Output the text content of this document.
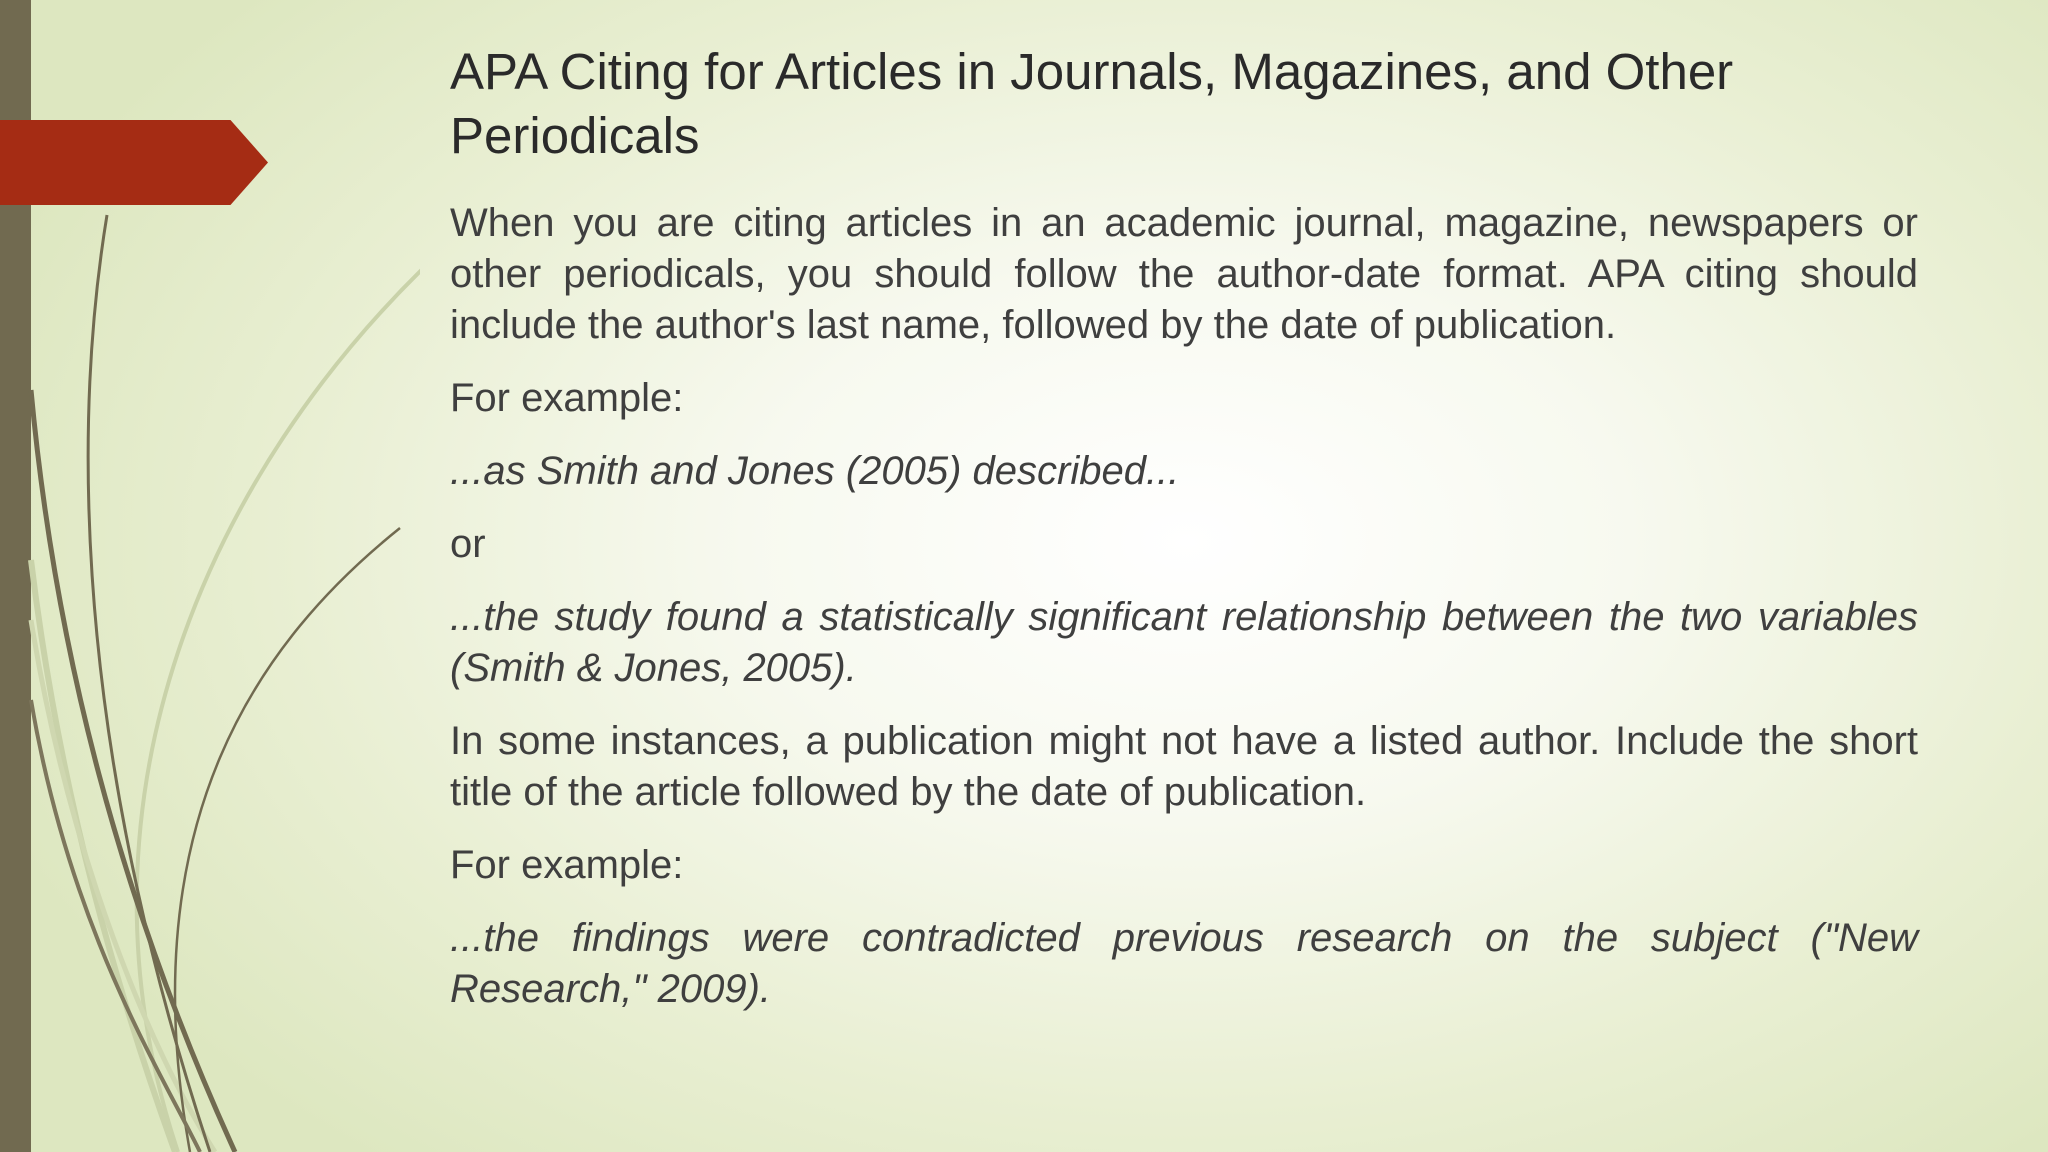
APA Citing for Articles in Journals, Magazines, and Other Periodicals

When you are citing articles in an academic journal, magazine, newspapers or other periodicals, you should follow the author-date format. APA citing should include the author's last name, followed by the date of publication.

For example:

...as Smith and Jones (2005) described...

or

...the study found a statistically significant relationship between the two variables (Smith & Jones, 2005).

In some instances, a publication might not have a listed author. Include the short title of the article followed by the date of publication.

For example:

...the findings were contradicted previous research on the subject ("New Research," 2009).
